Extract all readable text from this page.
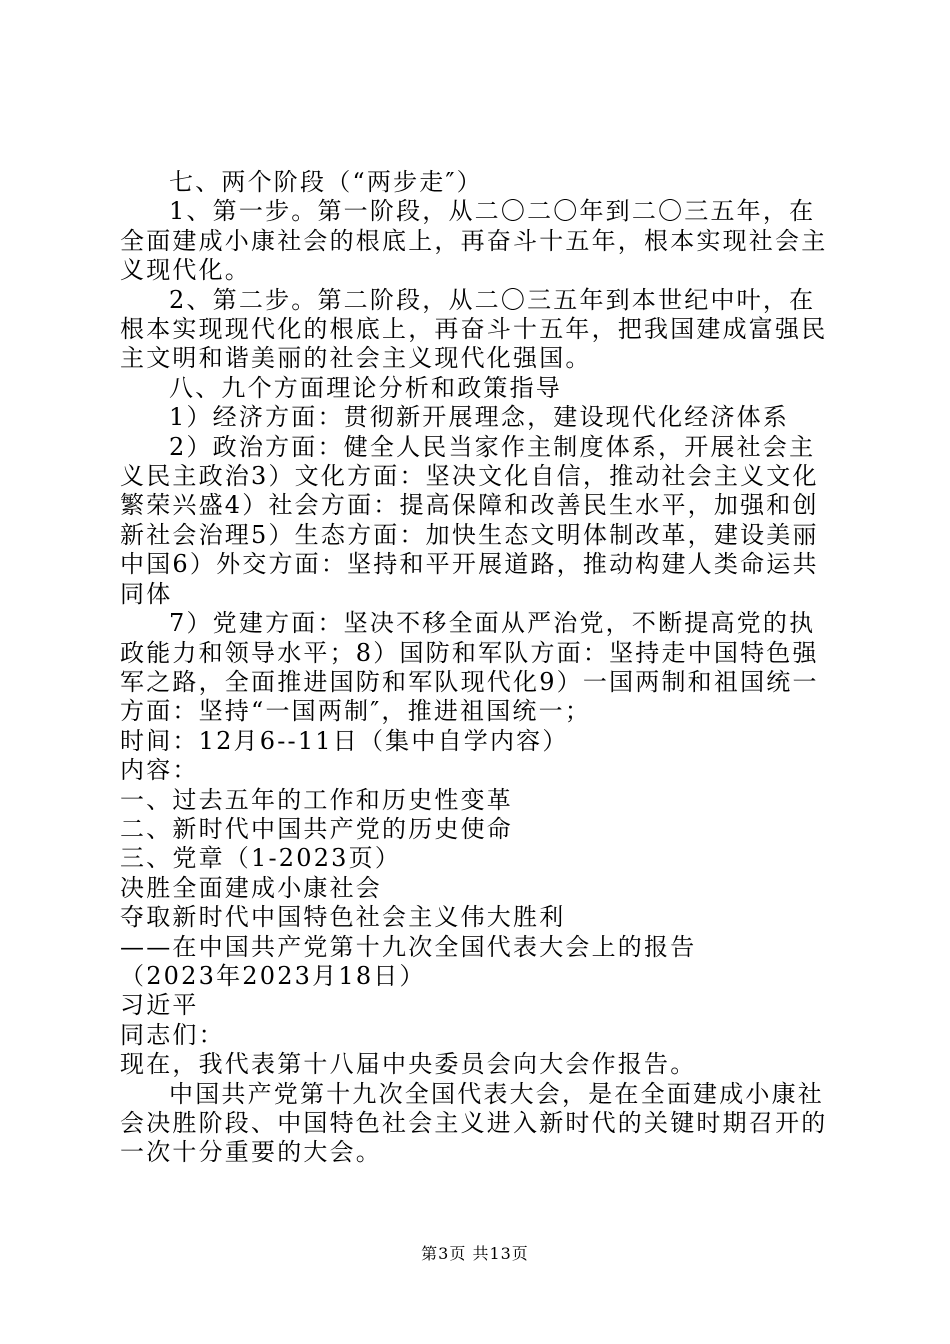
七、两个阶段（“两步走″）

1、第一步。第一阶段，从二〇二〇年到二〇三五年，在全面建成小康社会的根底上，再奋斗十五年，根本实现社会主义现代化。

2、第二步。第二阶段，从二〇三五年到本世纪中叶，在根本实现现代化的根底上，再奋斗十五年，把我国建成富强民主文明和谐美丽的社会主义现代化强国。

八、九个方面理论分析和政策指导

1）经济方面：贯彻新开展理念，建设现代化经济体系

2）政治方面：健全人民当家作主制度体系，开展社会主义民主政治3）文化方面：坚决文化自信，推动社会主义文化繁荣兴盛4）社会方面：提高保障和改善民生水平，加强和创新社会治理5）生态方面：加快生态文明体制改革，建设美丽中国6）外交方面：坚持和平开展道路，推动构建人类命运共同体

7）党建方面：坚决不移全面从严治党，不断提高党的执政能力和领导水平；8）国防和军队方面：坚持走中国特色强军之路，全面推进国防和军队现代化9）一国两制和祖国统一方面：坚持“一国两制″，推进祖国统一；

时间：12月6--11日（集中自学内容）

内容：

一、过去五年的工作和历史性变革

二、新时代中国共产党的历史使命

三、党章（1-2023页）

决胜全面建成小康社会

夺取新时代中国特色社会主义伟大胜利

——在中国共产党第十九次全国代表大会上的报告

（2023年2023月18日）

习近平

同志们：

现在，我代表第十八届中央委员会向大会作报告。

中国共产党第十九次全国代表大会，是在全面建成小康社会决胜阶段、中国特色社会主义进入新时代的关键时期召开的一次十分重要的大会。

第3页 共13页
